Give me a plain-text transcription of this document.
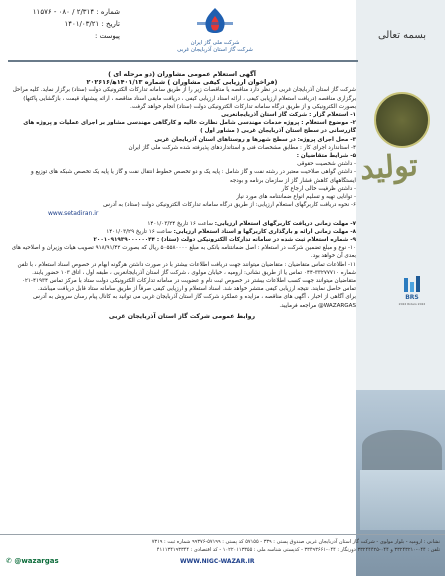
بسمه تعالی
تولید
BRS
2022 Riders 2022
شماره : ۲/۳۱۴ / ۰۸۰ - ۱۱۵۷۶
تاریخ : ۱۴۰۱/۰۳/۲۱
پیوست :
شرکت ملی گاز ایران
شرکت گاز استان آذربایجان غربی
آگهی استعلام عمومی مشاوران (دو مرحله ای )
(فراخوان ارزیابی کیفی مشاوران ) شماره ۱۴۰۱/۱۳ه‍/۲۰۲۶۱۶

شرکت گاز استان آذربایجان غربی در نظر دارد مناقصه یا مناقصات زیر را از طریق سامانه تدارکات الکترونیکی دولت (ستاد) برگزار نماید. کلیه مراحل برگزاری مناقصه (دریافت استعلام ارزیابی کیفی ، ارائه اسناد ارزیابی کیفی ، دریافت مابقی اسناد مناقصه ، ارائه پیشنهاد قیمت ، بازگشایی پاکتها) بصورت الکترونیکی و از طریق درگاه سامانه تدارکات الکترونیکی دولت (ستاد) انجام خواهد گرفت.

۱- استعلام گزار : شرکت گاز استان آذربایجانغربی

۲- موضوع استعلام : پروژه خدمات مهندسی شامل نظارت عالیه و کارگاهی مهندسی مشاور بر اجرای عملیات و پروژه های گازرسانی در سطح استان آذربایجان غربی ( مشاور اول )

۳- محل اجرای پروژه: در سطح شهرها و روستاهای استان آذربایجان غربی

۴- استاندارد اجرای کار : مطابق مشخصات فنی و استانداردهای پذیرفته شده شرکت ملی گاز ایران

۵- شرایط متقاضیان :

- داشتن شخصیت حقوقی

- داشتن گواهی صلاحیت معتبر در رشته نفت و گاز شامل : پایه یک و دو تخصص خطوط انتقال نفت و گاز یا پایه یک تخصص شبکه های توزیع و ایستگاههای کاهش فشار گاز از سازمان برنامه و بودجه

- داشتن ظرفیت خالی ارجاع کار

- توانایی تهیه و تسلیم انواع ضمانتنامه های مورد نیاز

۶- نحوه دریافت کاربرگهای استعلام ارزیابی: از طریق درگاه سامانه تدارکات الکترونیکی دولت (ستاد) به آدرس

www.setadiran.ir

۷- مهلت زمانی دریافت کاربرگهای استعلام ارزیابی: ساعت ۱۶ تاریخ ۱۴۰۱/۰۳/۲۴

۸- مهلت زمانی ارائه و بارگذاری کاربرگها و اسناد استعلام ارزیابی: ساعت ۱۶ تاریخ ۱۴۰۱/۰۳/۲۹

۹- شماره استعلام ثبت شده در سامانه تدارکات الکترونیکی دولت (ستاد) : ۲۰۰۱۰۹۱۹۳۹۰۰۰۰۰۰۴۴

۱۰- نوع و مبلغ تضمین شرکت در استعلام : اصل ضمانتنامه بانکی به مبلغ ۵۰۵۵۸۰۰۰۰ ریال که بصورت ۹۱۸/۹۱/۴۲ تصویب هیات وزیران و اصلاحیه های بعدی آن خواهد بود.

۱۱- اطلاعات تماس متقاضیان : متقاضیان میتوانند جهت دریافت اطلاعات بیشتر با در صورت داشتن هرگونه ابهام در خصوص اسناد استعلام ، با تلفن شماره ۳۳۲۷۷۷۱۰-۰۴۴ تماس یا از طریق نشانی: ارومیه ، خیابان مولوی ، شرکت گاز استان آذربایجانغربی ، طبقه اول ، اتاق ۱۰۳ حضور یابند.

متقاضیان میتوانند جهت کسب اطلاعات بیشتر در خصوص ثبت نام و عضویت در سامانه تدارکات الکترونیکی دولت ستاد با مرکز تماس ۴۱۹۳۴-۰۲۱ تماس حاصل نمایند. نتیجه ارزیابی کیفی منتشر خواهد شد. اسناد استعلام و ارزیابی کیفی صرفاً از طریق سامانه ستاد قابل دریافت میباشد.

برای آگاهی از اخبار ، آگهی های مناقصه ، مزایده و عملکرد شرکت گاز استان آذربایجان غربی می توانید به کانال پیام رسان سروش به آدرس WAZARGAS@ مراجعه فرمایید.

روابط عمومی شرکت گاز استان آذربایجان غربی
نشانی : ارومیه - بلوار مولوی - شرکت گاز استان آذربایجان غربی صندوق پستی : ۳۳۹ - ۵۷۱۵۵ کد پستی : ۵۷۱۹۹-۹۹۳۷۶ شماره ثبت : ۷۳۱۹
تلفن : ۰۴۴-۳۳۲۴۳۲۱۰ و ۰۴۴-۳۳۲۴۴۴۲۵ دورنگار : ۰۴۴-۳۳۴۹۳۶۶۱ - کدپستی شناسه ملی : ۱۰۲۲۰۱۱۳۳۵۵ - کد اقتصادی : ۴۱۱۱۳۴۱۹۳۳۴۴
✆ @wazargas	WWW.NIGC-WAZAR.IR
